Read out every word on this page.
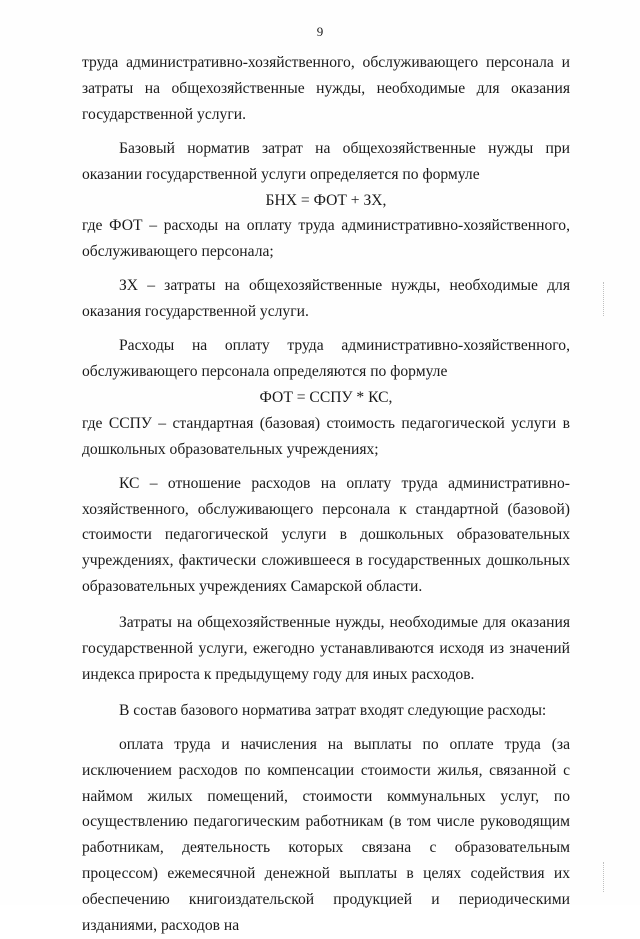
9

труда административно-хозяйственного, обслуживающего персонала и затраты на общехозяйственные нужды, необходимые для оказания государственной услуги.

Базовый норматив затрат на общехозяйственные нужды при оказании государственной услуги определяется по формуле

БНХ = ФОТ + ЗХ,

где ФОТ – расходы на оплату труда административно-хозяйственного, обслуживающего персонала;

ЗХ – затраты на общехозяйственные нужды, необходимые для оказания государственной услуги.

Расходы на оплату труда административно-хозяйственного, обслуживающего персонала определяются по формуле

ФОТ = ССПУ * КС,

где ССПУ – стандартная (базовая) стоимость педагогической услуги в дошкольных образовательных учреждениях;

КС – отношение расходов на оплату труда административно-хозяйственного, обслуживающего персонала к стандартной (базовой) стоимости педагогической услуги в дошкольных образовательных учреждениях, фактически сложившееся в государственных дошкольных образовательных учреждениях Самарской области.

Затраты на общехозяйственные нужды, необходимые для оказания государственной услуги, ежегодно устанавливаются исходя из значений индекса прироста к предыдущему году для иных расходов.

В состав базового норматива затрат входят следующие расходы:

оплата труда и начисления на выплаты по оплате труда (за исключением расходов по компенсации стоимости жилья, связанной с наймом жилых помещений, стоимости коммунальных услуг, по осуществлению педагогическим работникам (в том числе руководящим работникам, деятельность которых связана с образовательным процессом) ежемесячной денежной выплаты в целях содействия их обеспечению книгоиздательской продукцией и периодическими изданиями, расходов на
